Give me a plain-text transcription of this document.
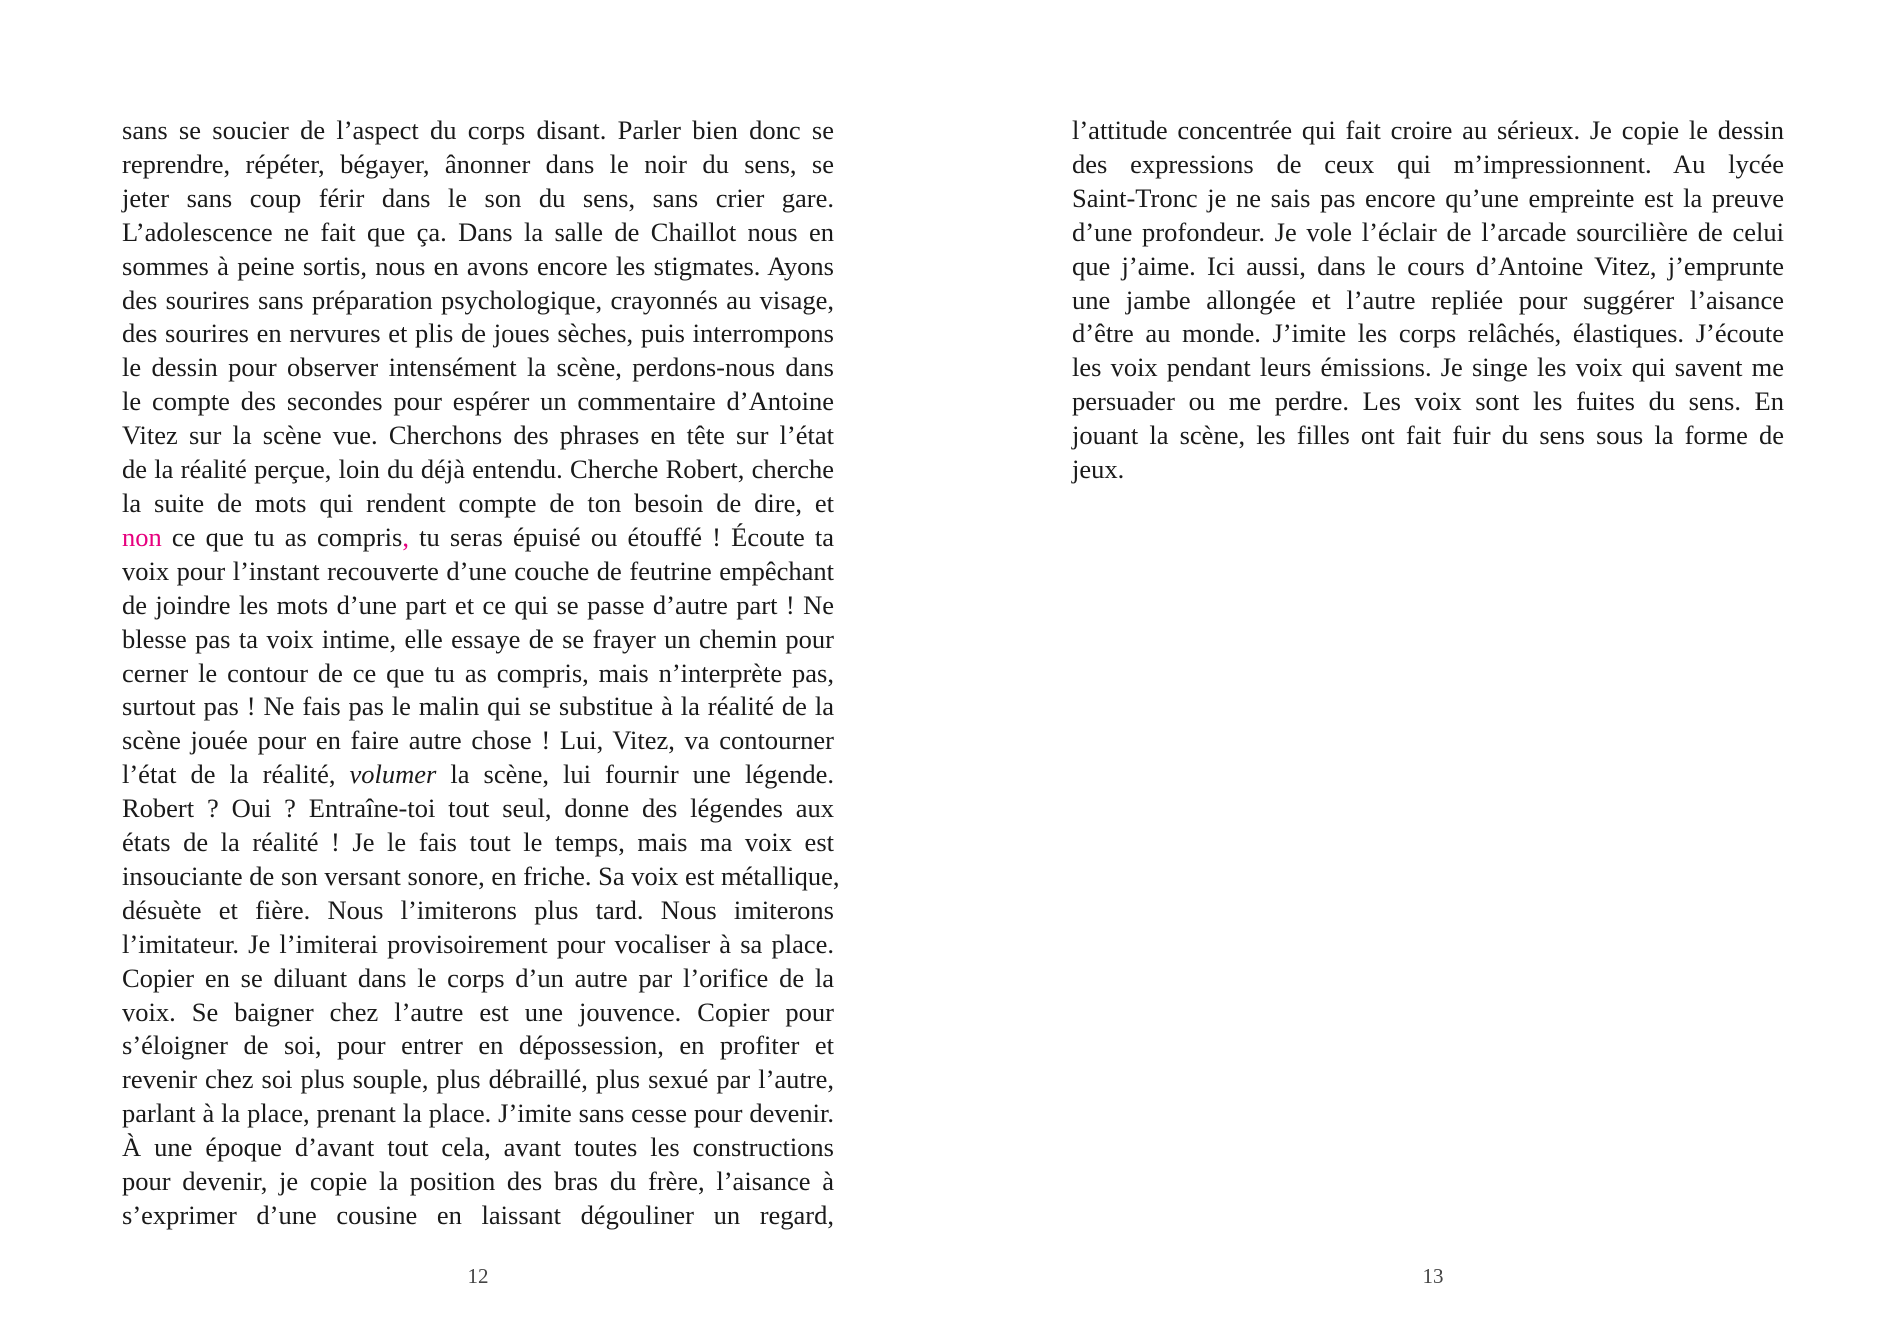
sans se soucier de l’aspect du corps disant. Parler bien donc se
reprendre, répéter, bégayer, ânonner dans le noir du sens, se
jeter sans coup férir dans le son du sens, sans crier gare.
L’adolescence ne fait que ça. Dans la salle de Chaillot nous en
sommes à peine sortis, nous en avons encore les stigmates. Ayons
des sourires sans préparation psychologique, crayonnés au visage,
des sourires en nervures et plis de joues sèches, puis interrompons
le dessin pour observer intensément la scène, perdons-nous dans
le compte des secondes pour espérer un commentaire d’Antoine
Vitez sur la scène vue. Cherchons des phrases en tête sur l’état
de la réalité perçue, loin du déjà entendu. Cherche Robert, cherche
la suite de mots qui rendent compte de ton besoin de dire, et
non ce que tu as compris, tu seras épuisé ou étouffé ! Écoute ta
voix pour l’instant recouverte d’une couche de feutrine empêchant
de joindre les mots d’une part et ce qui se passe d’autre part ! Ne
blesse pas ta voix intime, elle essaye de se frayer un chemin pour
cerner le contour de ce que tu as compris, mais n’interprète pas,
surtout pas ! Ne fais pas le malin qui se substitue à la réalité de la
scène jouée pour en faire autre chose ! Lui, Vitez, va contourner
l’état de la réalité, volumer la scène, lui fournir une légende.
Robert ? Oui ? Entraîne-toi tout seul, donne des légendes aux
états de la réalité ! Je le fais tout le temps, mais ma voix est
insouciante de son versant sonore, en friche. Sa voix est métallique,
désuète et fière. Nous l’imiterons plus tard. Nous imiterons
l’imitateur. Je l’imiterai provisoirement pour vocaliser à sa place.
Copier en se diluant dans le corps d’un autre par l’orifice de la
voix. Se baigner chez l’autre est une jouvence. Copier pour
s’éloigner de soi, pour entrer en dépossession, en profiter et
revenir chez soi plus souple, plus débraillé, plus sexué par l’autre,
parlant à la place, prenant la place. J’imite sans cesse pour devenir.
À une époque d’avant tout cela, avant toutes les constructions
pour devenir, je copie la position des bras du frère, l’aisance à
s’exprimer d’une cousine en laissant dégouliner un regard,
12
l’attitude concentrée qui fait croire au sérieux. Je copie le dessin
des expressions de ceux qui m’impressionnent. Au lycée
Saint-Tronc je ne sais pas encore qu’une empreinte est la preuve
d’une profondeur. Je vole l’éclair de l’arcade sourcilière de celui
que j’aime. Ici aussi, dans le cours d’Antoine Vitez, j’emprunte
une jambe allongée et l’autre repliée pour suggérer l’aisance
d’être au monde. J’imite les corps relâchés, élastiques. J’écoute
les voix pendant leurs émissions. Je singe les voix qui savent me
persuader ou me perdre. Les voix sont les fuites du sens. En
jouant la scène, les filles ont fait fuir du sens sous la forme de
jeux.
13
